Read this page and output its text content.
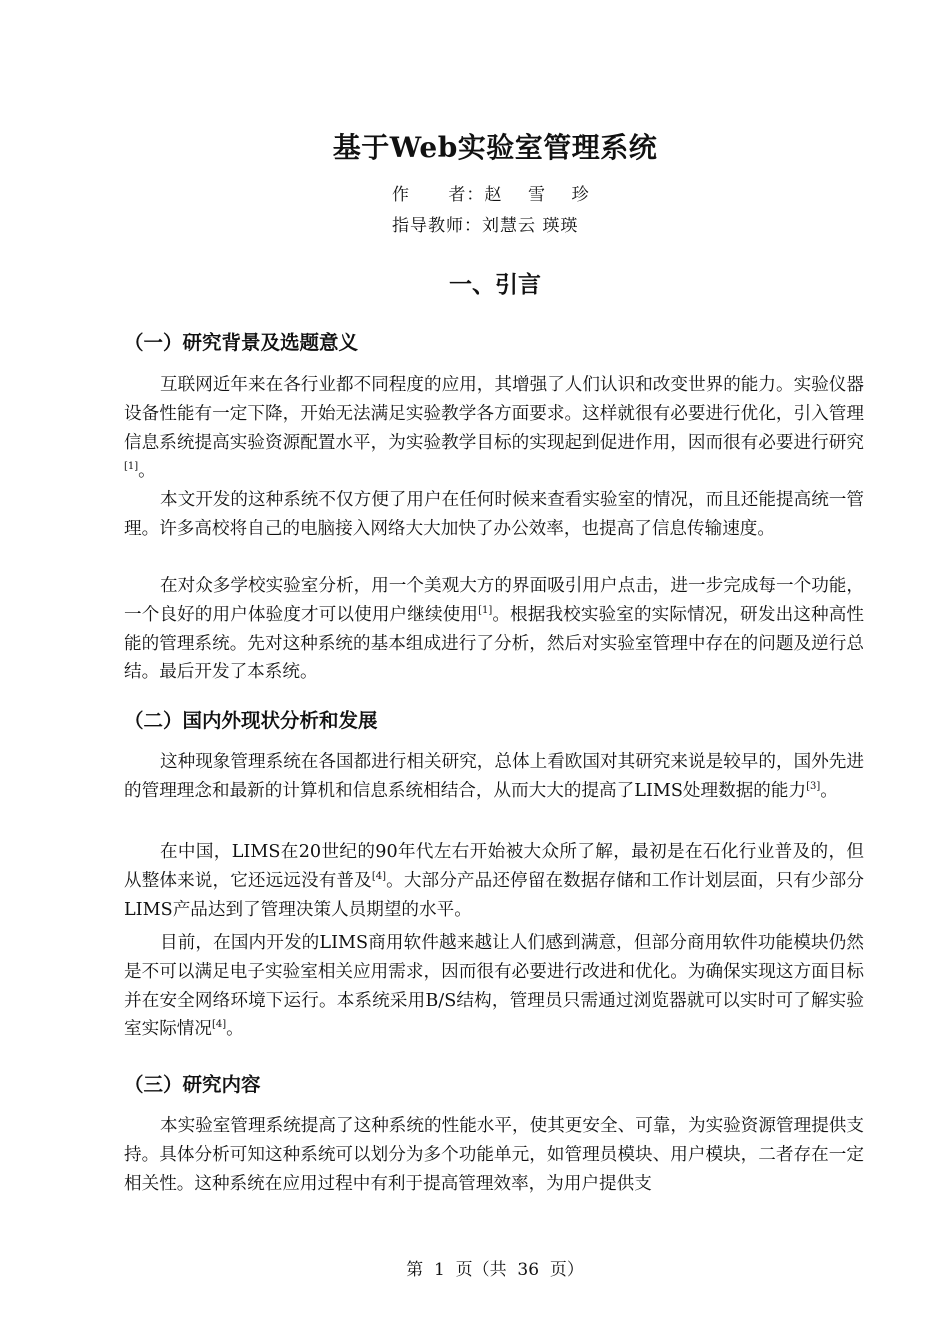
基于Web实验室管理系统
作      者：赵    雪    珍
指导教师：刘慧云 瑛瑛
一、引言
（一）研究背景及选题意义
互联网近年来在各行业都不同程度的应用，其增强了人们认识和改变世界的能力。实验仪器设备性能有一定下降，开始无法满足实验教学各方面要求。这样就很有必要进行优化，引入管理信息系统提高实验资源配置水平，为实验教学目标的实现起到促进作用，因而很有必要进行研究[1]。
本文开发的这种系统不仅方便了用户在任何时候来查看实验室的情况，而且还能提高统一管理。许多高校将自己的电脑接入网络大大加快了办公效率，也提高了信息传输速度。
在对众多学校实验室分析，用一个美观大方的界面吸引用户点击，进一步完成每一个功能，一个良好的用户体验度才可以使用户继续使用[1]。根据我校实验室的实际情况，研发出这种高性能的管理系统。先对这种系统的基本组成进行了分析，然后对实验室管理中存在的问题及逆行总结。最后开发了本系统。
（二）国内外现状分析和发展
这种现象管理系统在各国都进行相关研究，总体上看欧国对其研究来说是较早的，国外先进的管理理念和最新的计算机和信息系统相结合，从而大大的提高了LIMS处理数据的能力[3]。
在中国，LIMS在20世纪的90年代左右开始被大众所了解，最初是在石化行业普及的，但从整体来说，它还远远没有普及[4]。大部分产品还停留在数据存储和工作计划层面，只有少部分LIMS产品达到了管理决策人员期望的水平。
目前，在国内开发的LIMS商用软件越来越让人们感到满意，但部分商用软件功能模块仍然是不可以满足电子实验室相关应用需求，因而很有必要进行改进和优化。为确保实现这方面目标并在安全网络环境下运行。本系统采用B/S结构，管理员只需通过浏览器就可以实时可了解实验室实际情况[4]。
（三）研究内容
本实验室管理系统提高了这种系统的性能水平，使其更安全、可靠，为实验资源管理提供支持。具体分析可知这种系统可以划分为多个功能单元，如管理员模块、用户模块，二者存在一定相关性。这种系统在应用过程中有利于提高管理效率，为用户提供支
第  1  页（共  36  页）
